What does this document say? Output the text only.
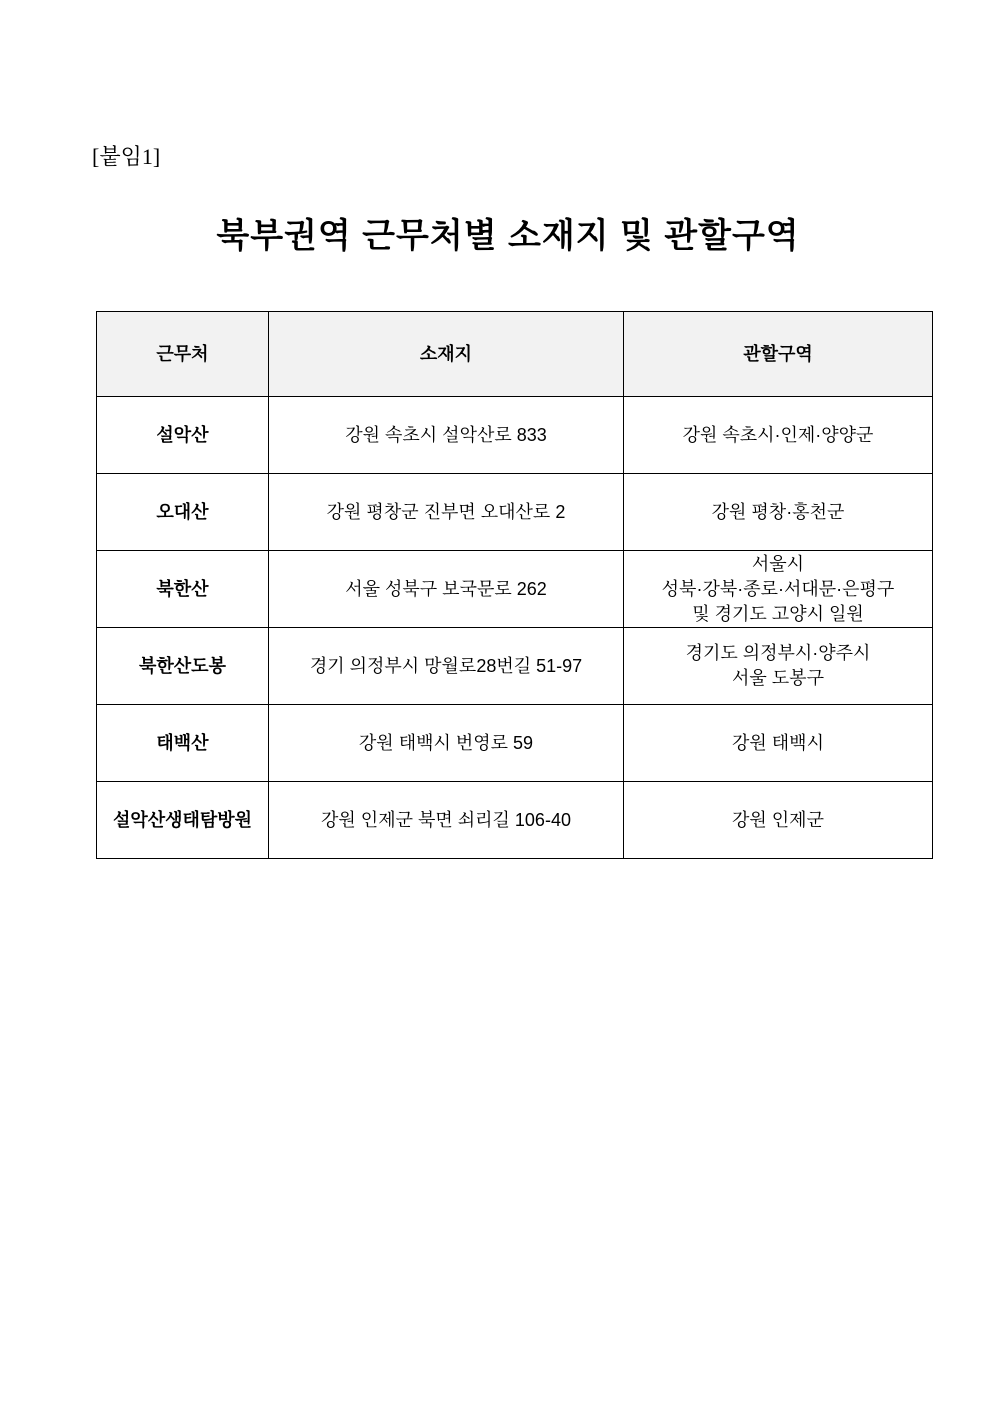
[붙임1]
북부권역 근무처별 소재지 및 관할구역
근무처	소재지	관할구역
설악산	강원 속초시 설악산로 833	강원 속초시·인제·양양군

오대산	강원 평창군 진부면 오대산로 2	강원 평창·홍천군

북한산	서울 성북구 보국문로 262	서울시
성북·강북·종로·서대문·은평구
및 경기도 고양시 일원

북한산도봉	경기 의정부시 망월로28번길 51-97	경기도 의정부시·양주시
서울 도봉구

태백산	강원 태백시 번영로 59	강원 태백시

설악산생태탐방원	강원 인제군 북면 쇠리길 106-40	강원 인제군
